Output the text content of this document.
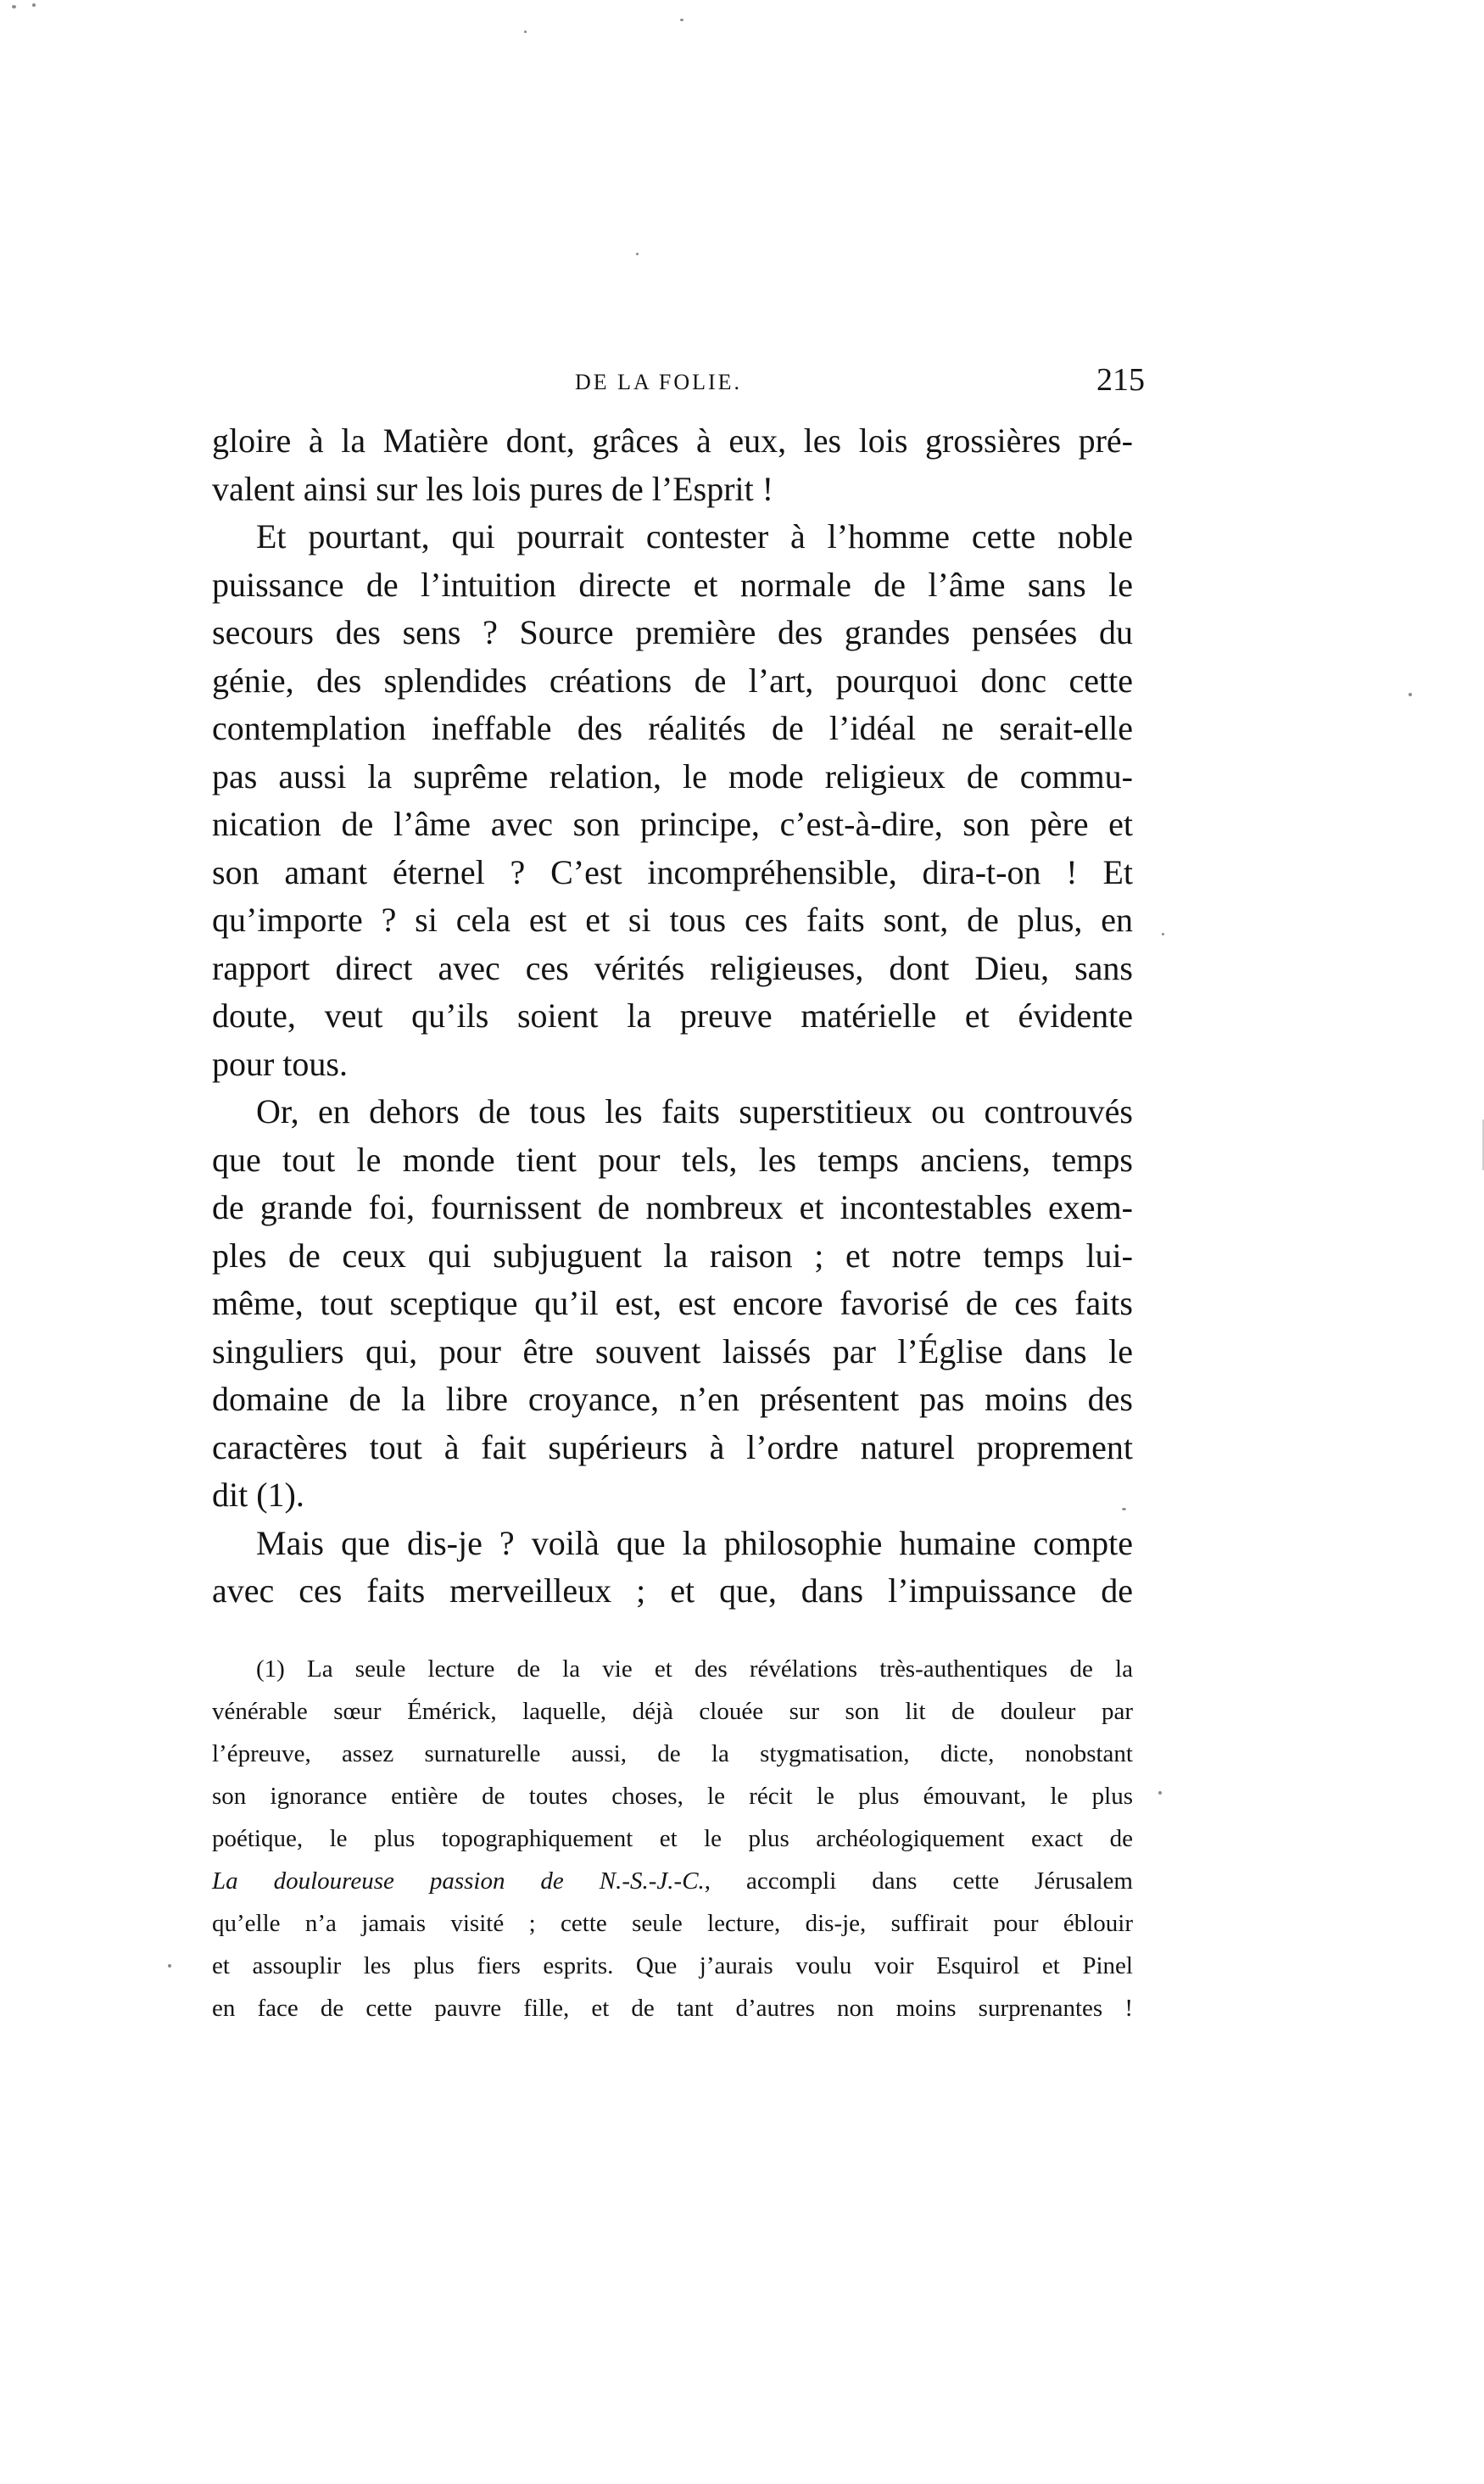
DE LA FOLIE.	215
gloire à la Matière dont, grâces à eux, les lois grossières pré-
valent ainsi sur les lois pures de l’Esprit !
Et pourtant, qui pourrait contester à l’homme cette noble
puissance de l’intuition directe et normale de l’âme sans le
secours des sens ? Source première des grandes pensées du
génie, des splendides créations de l’art, pourquoi donc cette
contemplation ineffable des réalités de l’idéal ne serait-elle
pas aussi la suprême relation, le mode religieux de commu-
nication de l’âme avec son principe, c’est-à-dire, son père et
son amant éternel ? C’est incompréhensible, dira-t-on ! Et
qu’importe ? si cela est et si tous ces faits sont, de plus, en
rapport direct avec ces vérités religieuses, dont Dieu, sans
doute, veut qu’ils soient la preuve matérielle et évidente
pour tous.
Or, en dehors de tous les faits superstitieux ou controuvés
que tout le monde tient pour tels, les temps anciens, temps
de grande foi, fournissent de nombreux et incontestables exem-
ples de ceux qui subjuguent la raison ; et notre temps lui-
même, tout sceptique qu’il est, est encore favorisé de ces faits
singuliers qui, pour être souvent laissés par l’Église dans le
domaine de la libre croyance, n’en présentent pas moins des
caractères tout à fait supérieurs à l’ordre naturel proprement
dit (1).
Mais que dis-je ? voilà que la philosophie humaine compte
avec ces faits merveilleux ; et que, dans l’impuissance de
(1) La seule lecture de la vie et des révélations très-authentiques de la
vénérable sœur Émérick, laquelle, déjà clouée sur son lit de douleur par
l’épreuve, assez surnaturelle aussi, de la stygmatisation, dicte, nonobstant
son ignorance entière de toutes choses, le récit le plus émouvant, le plus
poétique, le plus topographiquement et le plus archéologiquement exact de
La douloureuse passion de N.-S.-J.-C., accompli dans cette Jérusalem
qu’elle n’a jamais visité ; cette seule lecture, dis-je, suffirait pour éblouir
et assouplir les plus fiers esprits. Que j’aurais voulu voir Esquirol et Pinel
en face de cette pauvre fille, et de tant d’autres non moins surprenantes !
